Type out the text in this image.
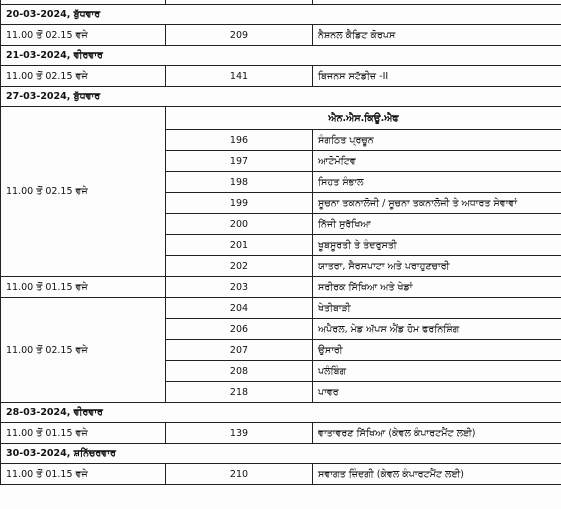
20-03-2024, ਬੁੱਧਵਾਰ		
11.00 ਤੋਂ 02.15 ਵਜੇ	209	ਨੈਸ਼ਨਲ ਕੈਡਿਟ ਕੋਰਪਸ
21-03-2024, ਵੀਰਵਾਰ		
11.00 ਤੋਂ 02.15 ਵਜੇ	141	ਬਿਜਨਸ ਸਟੱਡੀਜ਼ -II
27-03-2024, ਬੁੱਧਵਾਰ		
11.00 ਤੋਂ 02.15 ਵਜੇ	ਐਨ.ਐਸ.ਕਿਊ.ਐਫ	
	196	ਸੰਗਠਿਤ ਪ੍ਰਚੂਨ
	197	ਆਟੋਮੋਟਿਵ
	198	ਸਿਹਤ ਸੰਭਾਲ
	199	ਸੂਚਨਾ ਤਕਨਾਲੋਜੀ / ਸੂਚਨਾ ਤਕਨਾਲੋਜੀ ਤੇ ਅਧਾਰਤ ਸੇਵਾਵਾਂ
	200	ਨਿੱਜੀ ਸੁਰੱਖਿਆ
	201	ਖੂਬਸੂਰਤੀ ਤੇ ਤੰਦਰੁਸਤੀ
	202	ਯਾਤਰਾ, ਸੈਰਸਪਾਟਾ ਅਤੇ ਪਰਾਹੁਣਚਾਰੀ
11.00 ਤੋਂ 01.15 ਵਜੇ	203	ਸਰੀਰਕ ਸਿੱਖਿਆ ਅਤੇ ਖੇਡਾਂ
11.00 ਤੋਂ 02.15 ਵਜੇ	204	ਖੇਤੀਬਾੜੀ
	206	ਅਪੈਰਲ, ਮੇਡ ਅੱਪਸ ਐਂਡ ਹੋਮ ਫਰਨਿਸ਼ਿੰਗ
	207	ਉਸਾਰੀ
	208	ਪਲੰਬਿੰਗ
	218	ਪਾਵਰ
28-03-2024, ਵੀਰਵਾਰ		
11.00 ਤੋਂ 01.15 ਵਜੇ	139	ਵਾਤਾਵਰਣ ਸਿੱਖਿਆ (ਕੇਵਲ ਕੰਪਾਰਟਮੈਂਟ ਲਈ)
30-03-2024, ਸ਼ਨਿੱਚਰਵਾਰ		
11.00 ਤੋਂ 01.15 ਵਜੇ	210	ਸਵਾਗਤ ਜ਼ਿੰਦਗੀ (ਕੇਵਲ ਕੰਪਾਰਟਮੈਂਟ ਲਈ)
